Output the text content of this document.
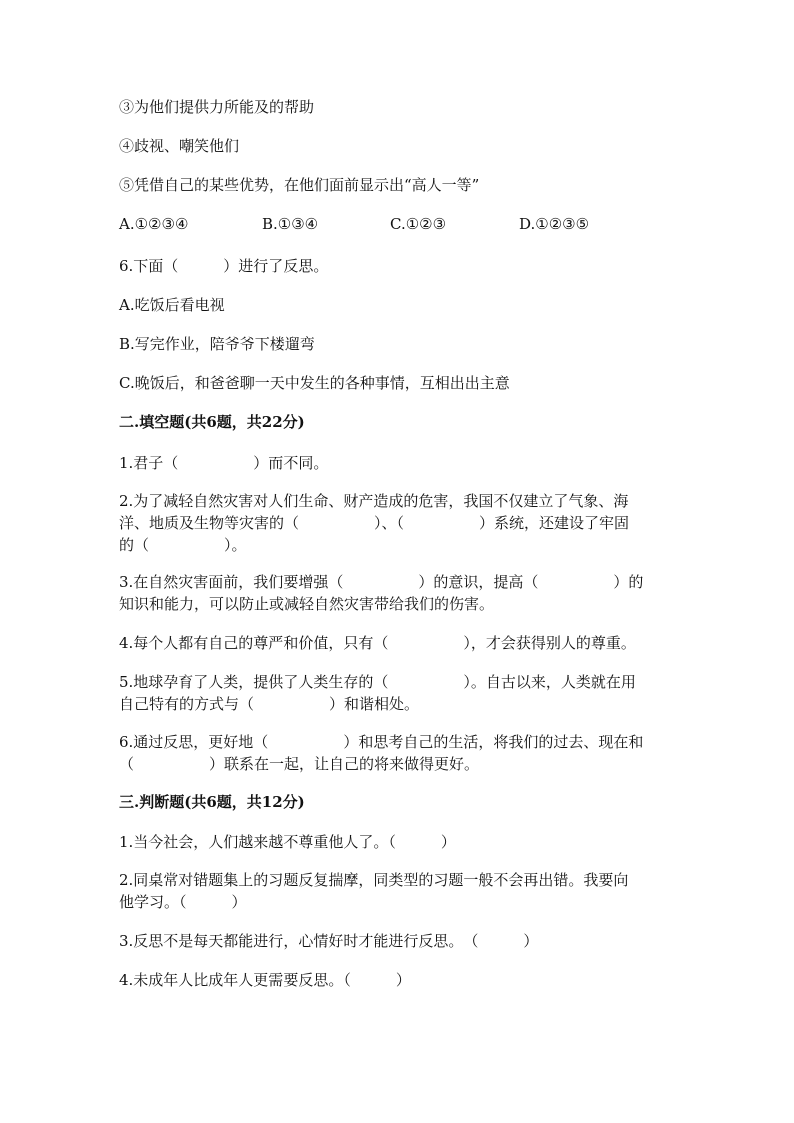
③为他们提供力所能及的帮助
④歧视、嘲笑他们
⑤凭借自己的某些优势，在他们面前显示出“高人一等”
A.①②③④	B.①③④	C.①②③	D.①②③⑤
6.下面（　　　）进行了反思。
A.吃饭后看电视
B.写完作业，陪爷爷下楼遛弯
C.晚饭后，和爸爸聊一天中发生的各种事情，互相出出主意
二.填空题(共6题，共22分)
1.君子（　　　　　）而不同。
2.为了减轻自然灾害对人们生命、财产造成的危害，我国不仅建立了气象、海
洋、地质及生物等灾害的（　　　　　）、（　　　　　）系统，还建设了牢固
的（　　　　　）。
3.在自然灾害面前，我们要增强（　　　　　）的意识，提高（　　　　　）的
知识和能力，可以防止或减轻自然灾害带给我们的伤害。
4.每个人都有自己的尊严和价值，只有（　　　　　），才会获得别人的尊重。
5.地球孕育了人类，提供了人类生存的（　　　　　）。自古以来，人类就在用
自己特有的方式与（　　　　　）和谐相处。
6.通过反思，更好地（　　　　　）和思考自己的生活，将我们的过去、现在和
（　　　　　）联系在一起，让自己的将来做得更好。
三.判断题(共6题，共12分)
1.当今社会，人们越来越不尊重他人了。（　　　）
2.同桌常对错题集上的习题反复揣摩，同类型的习题一般不会再出错。我要向
他学习。（　　　）
3.反思不是每天都能进行，心情好时才能进行反思。　（　　　）
4.未成年人比成年人更需要反思。（　　　）
